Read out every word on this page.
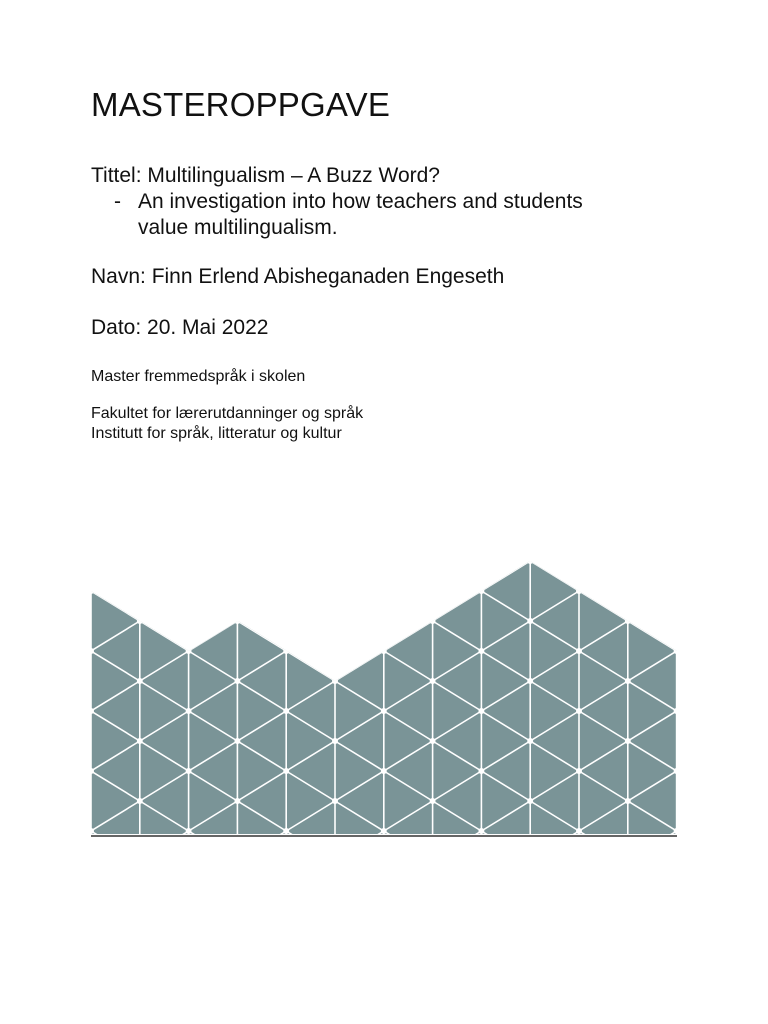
MASTEROPPGAVE

Tittel: Multilingualism – A Buzz Word?

- An investigation into how teachers and students
value multilingualism.

Navn: Finn Erlend Abisheganaden Engeseth

Dato: 20. Mai 2022

Master fremmedspråk i skolen
Fakultet for lærerutdanninger og språk
Institutt for språk, litteratur og kultur
